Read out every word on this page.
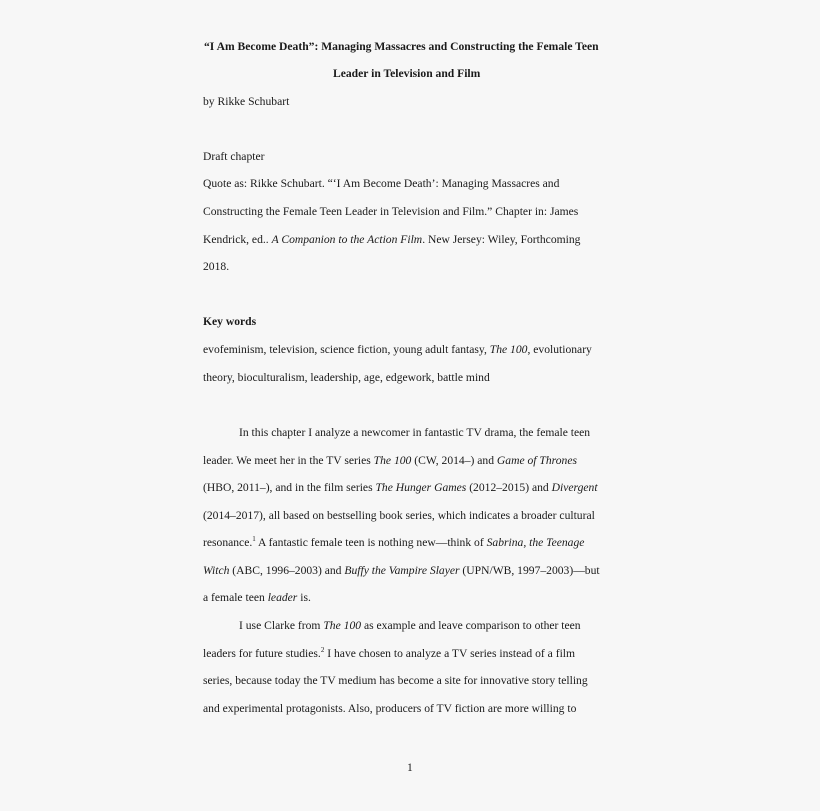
“I Am Become Death”: Managing Massacres and Constructing the Female Teen
Leader in Television and Film
by Rikke Schubart
Draft chapter
Quote as: Rikke Schubart. “‘I Am Become Death’: Managing Massacres and
Constructing the Female Teen Leader in Television and Film.” Chapter in: James
Kendrick, ed.. A Companion to the Action Film. New Jersey: Wiley, Forthcoming
2018.
Key words
evofeminism, television, science fiction, young adult fantasy, The 100, evolutionary
theory, bioculturalism, leadership, age, edgework, battle mind
In this chapter I analyze a newcomer in fantastic TV drama, the female teen
leader. We meet her in the TV series The 100 (CW, 2014–) and Game of Thrones
(HBO, 2011–), and in the film series The Hunger Games (2012–2015) and Divergent
(2014–2017), all based on bestselling book series, which indicates a broader cultural
resonance.$^1$ A fantastic female teen is nothing new—think of Sabrina, the Teenage
Witch (ABC, 1996–2003) and Buffy the Vampire Slayer (UPN/WB, 1997–2003)—but
a female teen leader is.
I use Clarke from The 100 as example and leave comparison to other teen
leaders for future studies.$^2$ I have chosen to analyze a TV series instead of a film
series, because today the TV medium has become a site for innovative story telling
and experimental protagonists. Also, producers of TV fiction are more willing to
1
